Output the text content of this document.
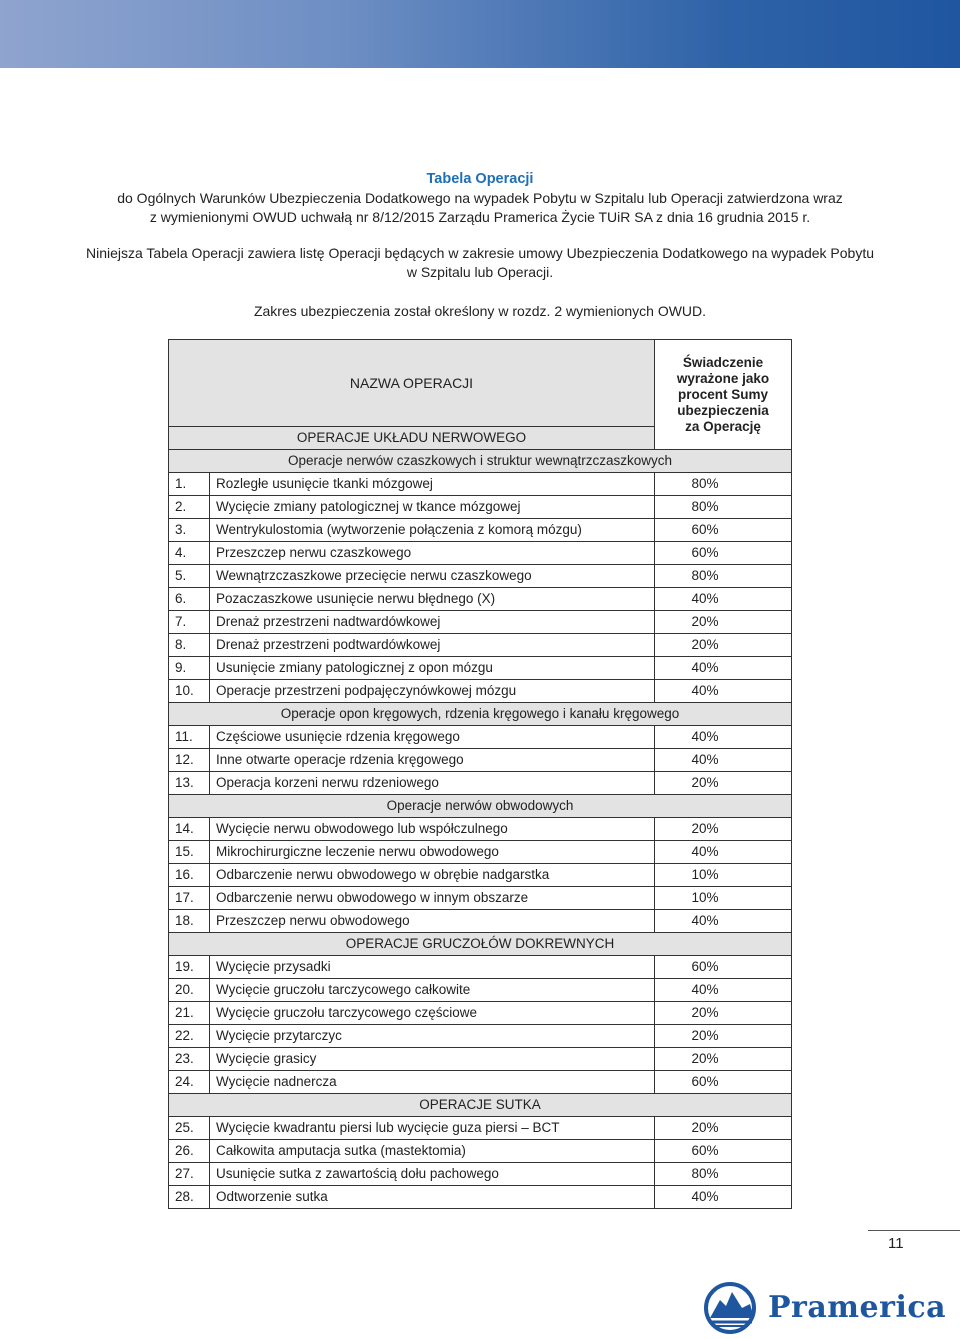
Tabela Operacji

do Ogólnych Warunków Ubezpieczenia Dodatkowego na wypadek Pobytu w Szpitalu lub Operacji zatwierdzona wraz

z wymienionymi OWUD uchwałą nr 8/12/2015 Zarządu Pramerica Życie TUiR SA z dnia 16 grudnia 2015 r.

Niniejsza Tabela Operacji zawiera listę Operacji będących w zakresie umowy Ubezpieczenia Dodatkowego na wypadek Pobytu

w Szpitalu lub Operacji.

Zakres ubezpieczenia został określony w rozdz. 2 wymienionych OWUD.

NAZWA OPERACJI		Świadczenie
wyrażone jako
procent Sumy
ubezpieczenia
za Operację

OPERACJE UKŁADU NERWOWEGO		
Operacje nerwów czaszkowych i struktur wewnątrzczaszkowych		
1.	Rozległe usunięcie tkanki mózgowej	80%
2.	Wycięcie zmiany patologicznej w tkance mózgowej	80%
3.	Wentrykulostomia (wytworzenie połączenia z komorą mózgu)	60%
4.	Przeszczep nerwu czaszkowego	60%
5.	Wewnątrzczaszkowe przecięcie nerwu czaszkowego	80%
6.	Pozaczaszkowe usunięcie nerwu błędnego (X)	40%
7.	Drenaż przestrzeni nadtwardówkowej	20%
8.	Drenaż przestrzeni podtwardówkowej	20%
9.	Usunięcie zmiany patologicznej z opon mózgu	40%
10.	Operacje przestrzeni podpajęczynówkowej mózgu	40%
Operacje opon kręgowych, rdzenia kręgowego i kanału kręgowego		
11.	Częściowe usunięcie rdzenia kręgowego	40%
12.	Inne otwarte operacje rdzenia kręgowego	40%
13.	Operacja korzeni nerwu rdzeniowego	20%
Operacje nerwów obwodowych		
14.	Wycięcie nerwu obwodowego lub współczulnego	20%
15.	Mikrochirurgiczne leczenie nerwu obwodowego	40%
16.	Odbarczenie nerwu obwodowego w obrębie nadgarstka	10%
17.	Odbarczenie nerwu obwodowego w innym obszarze	10%
18.	Przeszczep nerwu obwodowego	40%
OPERACJE GRUCZOŁÓW DOKREWNYCH		
19.	Wycięcie przysadki	60%
20.	Wycięcie gruczołu tarczycowego całkowite	40%
21.	Wycięcie gruczołu tarczycowego częściowe	20%
22.	Wycięcie przytarczyc	20%
23.	Wycięcie grasicy	20%
24.	Wycięcie nadnercza	60%
OPERACJE SUTKA		
25.	Wycięcie kwadrantu piersi lub wycięcie guza piersi – BCT	20%
26.	Całkowita amputacja sutka (mastektomia)	60%
27.	Usunięcie sutka z zawartością dołu pachowego	80%
28.	Odtworzenie sutka	40%
11
Pramerica
